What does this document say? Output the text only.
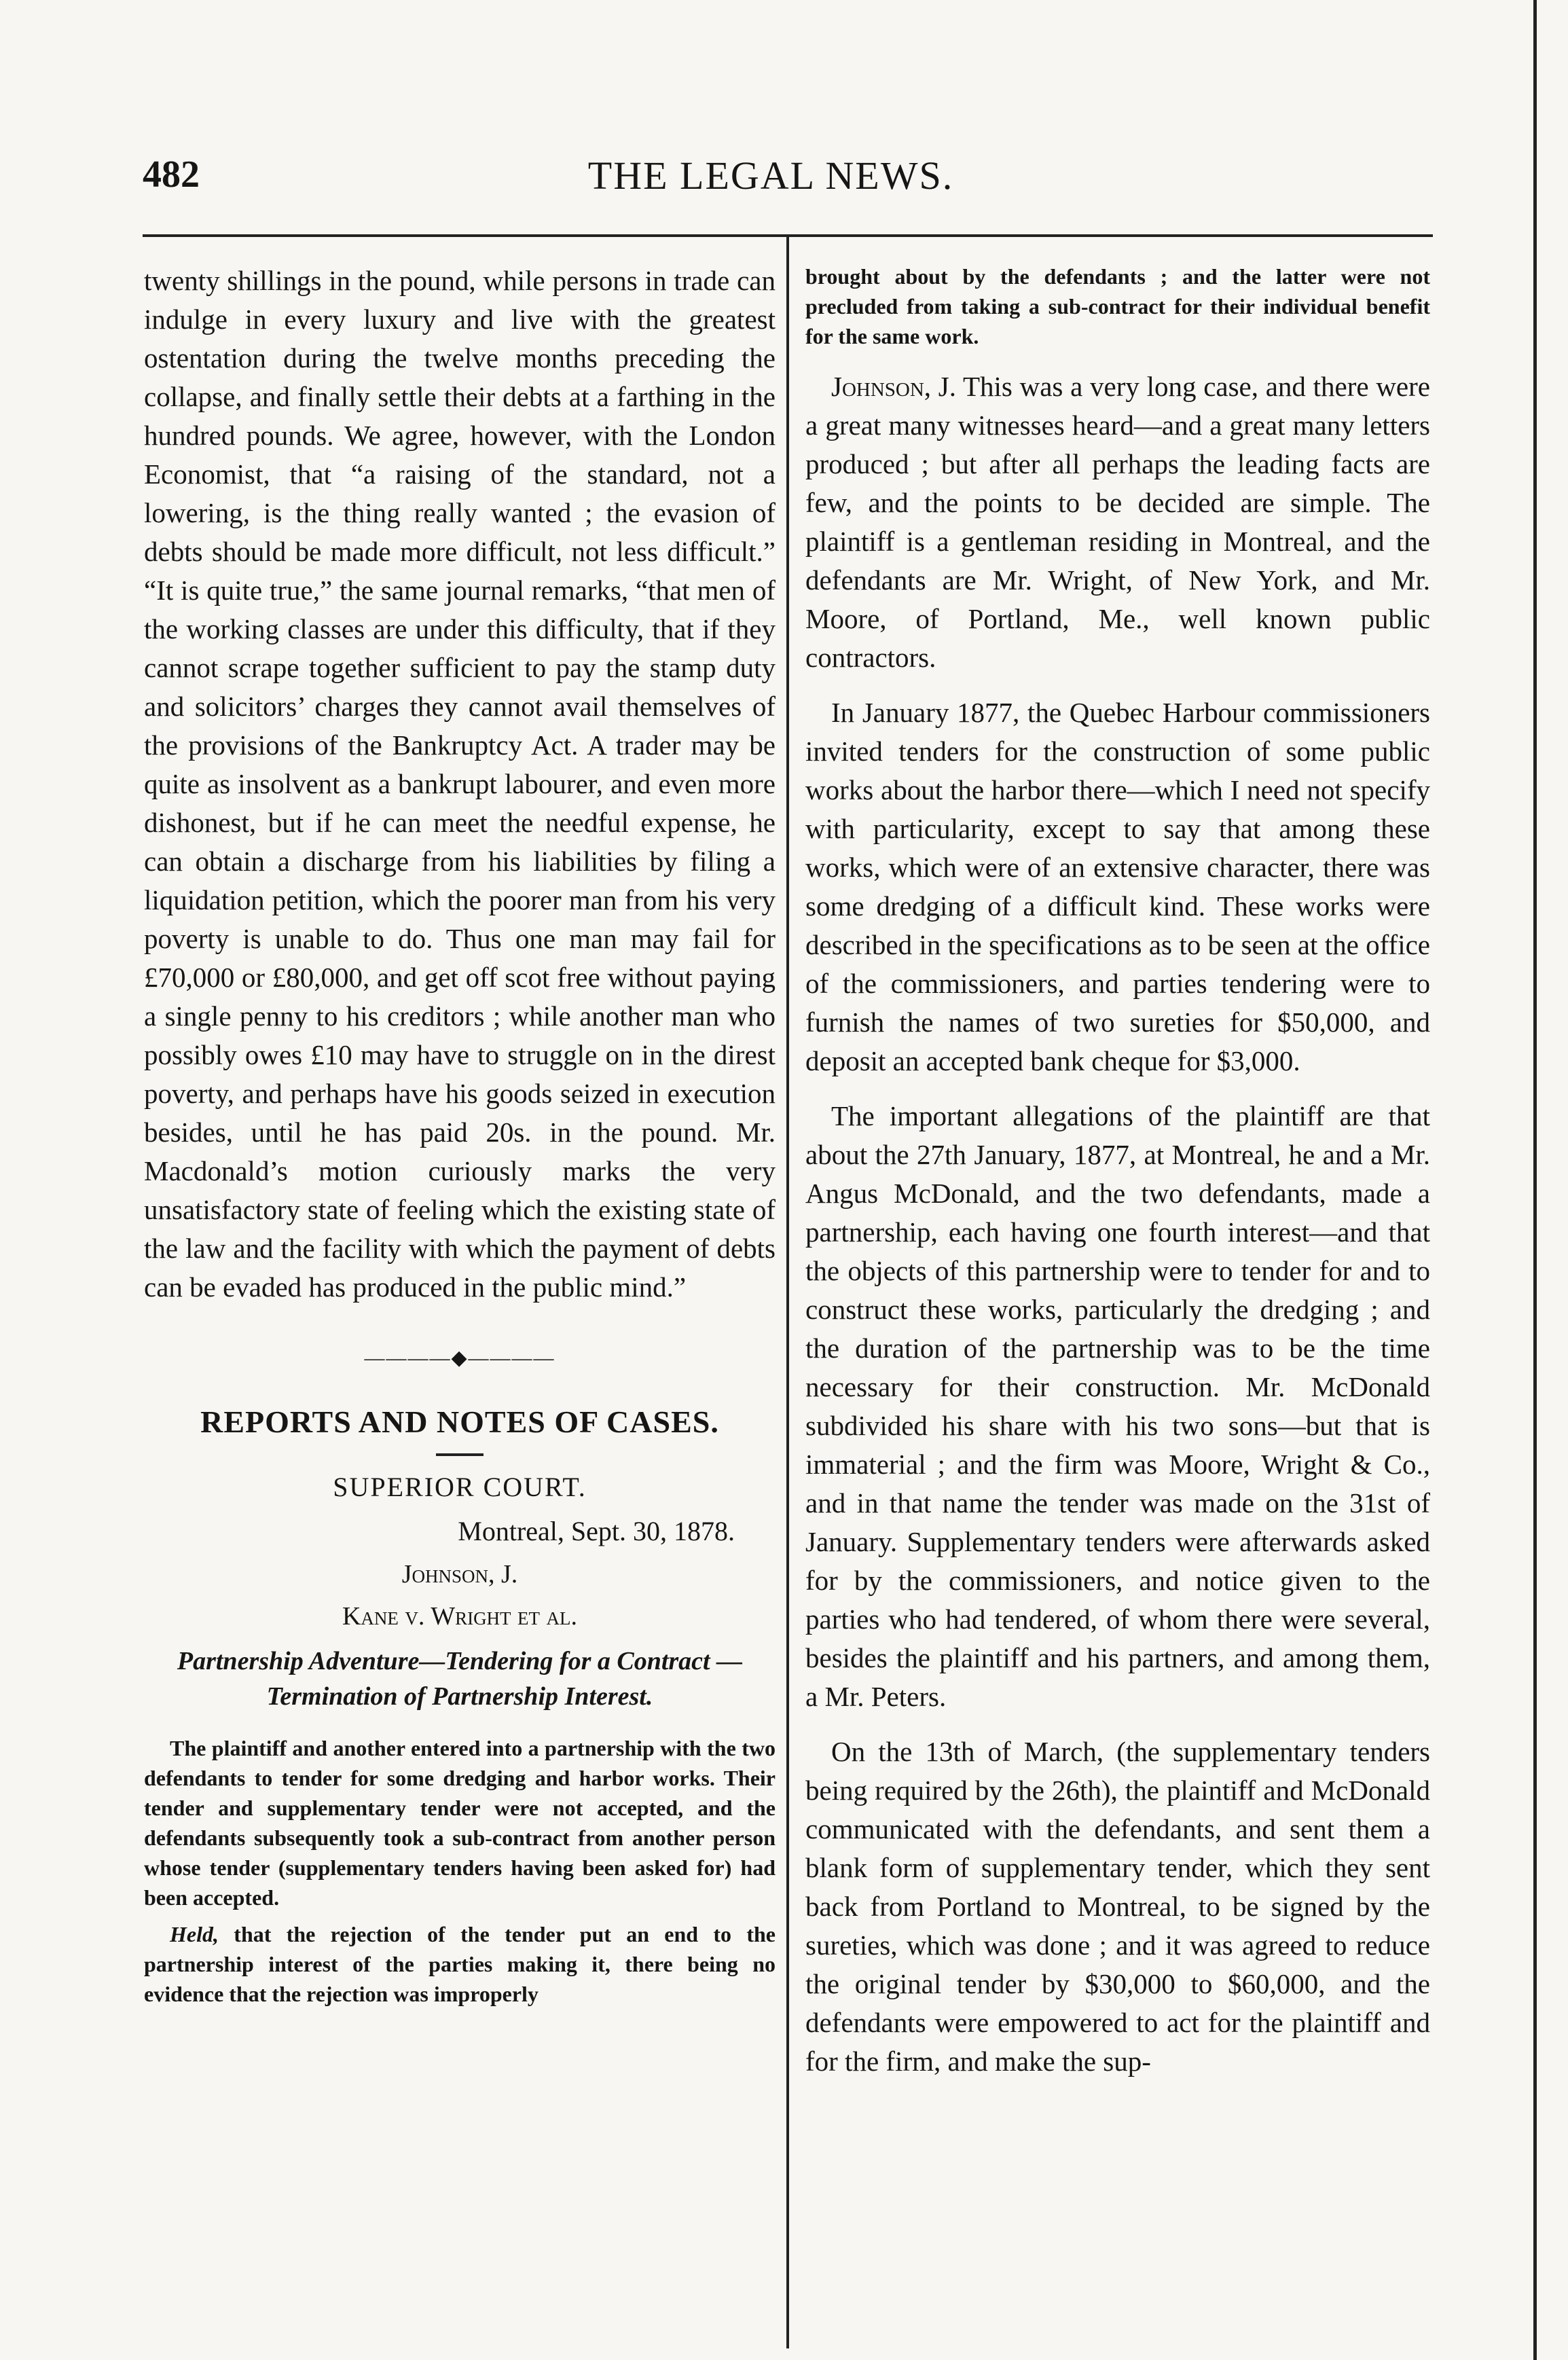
482	THE LEGAL NEWS.

twenty shillings in the pound, while persons in trade can indulge in every luxury and live with the greatest ostentation during the twelve months preceding the collapse, and finally settle their debts at a farthing in the hundred pounds. We agree, however, with the London Economist, that “a raising of the standard, not a lowering, is the thing really wanted ; the evasion of debts should be made more difficult, not less difficult.” “It is quite true,” the same journal remarks, “that men of the working classes are under this difficulty, that if they cannot scrape together sufficient to pay the stamp duty and solicitors’ charges they cannot avail themselves of the provisions of the Bankruptcy Act. A trader may be quite as insolvent as a bankrupt labourer, and even more dishonest, but if he can meet the needful expense, he can obtain a discharge from his liabilities by filing a liquidation petition, which the poorer man from his very poverty is unable to do. Thus one man may fail for £70,000 or £80,000, and get off scot free without paying a single penny to his creditors ; while another man who possibly owes £10 may have to struggle on in the direst poverty, and perhaps have his goods seized in execution besides, until he has paid 20s. in the pound. Mr. Macdonald’s motion curiously marks the very unsatisfactory state of feeling which the existing state of the law and the facility with which the payment of debts can be evaded has produced in the public mind.”

————◆————
REPORTS AND NOTES OF CASES.
SUPERIOR COURT.
Montreal, Sept. 30, 1878.
Johnson, J.
Kane v. Wright et al.
Partnership Adventure—Tendering for a Contract —Termination of Partnership Interest.

The plaintiff and another entered into a partnership with the two defendants to tender for some dredging and harbor works. Their tender and supplementary tender were not accepted, and the defendants subsequently took a sub-contract from another person whose tender (supplementary tenders having been asked for) had been accepted.

Held, that the rejection of the tender put an end to the partnership interest of the parties making it, there being no evidence that the rejection was improperly

brought about by the defendants ; and the latter were not precluded from taking a sub-contract for their individual benefit for the same work.

Johnson, J. This was a very long case, and there were a great many witnesses heard—and a great many letters produced ; but after all perhaps the leading facts are few, and the points to be decided are simple. The plaintiff is a gentleman residing in Montreal, and the defendants are Mr. Wright, of New York, and Mr. Moore, of Portland, Me., well known public contractors.

In January 1877, the Quebec Harbour commissioners invited tenders for the construction of some public works about the harbor there—which I need not specify with particularity, except to say that among these works, which were of an extensive character, there was some dredging of a difficult kind. These works were described in the specifications as to be seen at the office of the commissioners, and parties tendering were to furnish the names of two sureties for $50,000, and deposit an accepted bank cheque for $3,000.

The important allegations of the plaintiff are that about the 27th January, 1877, at Montreal, he and a Mr. Angus McDonald, and the two defendants, made a partnership, each having one fourth interest—and that the objects of this partnership were to tender for and to construct these works, particularly the dredging ; and the duration of the partnership was to be the time necessary for their construction. Mr. McDonald subdivided his share with his two sons—but that is immaterial ; and the firm was Moore, Wright & Co., and in that name the tender was made on the 31st of January. Supplementary tenders were afterwards asked for by the commissioners, and notice given to the parties who had tendered, of whom there were several, besides the plaintiff and his partners, and among them, a Mr. Peters.

On the 13th of March, (the supplementary tenders being required by the 26th), the plaintiff and McDonald communicated with the defendants, and sent them a blank form of supplementary tender, which they sent back from Portland to Montreal, to be signed by the sureties, which was done ; and it was agreed to reduce the original tender by $30,000 to $60,000, and the defendants were empowered to act for the plaintiff and for the firm, and make the sup-
